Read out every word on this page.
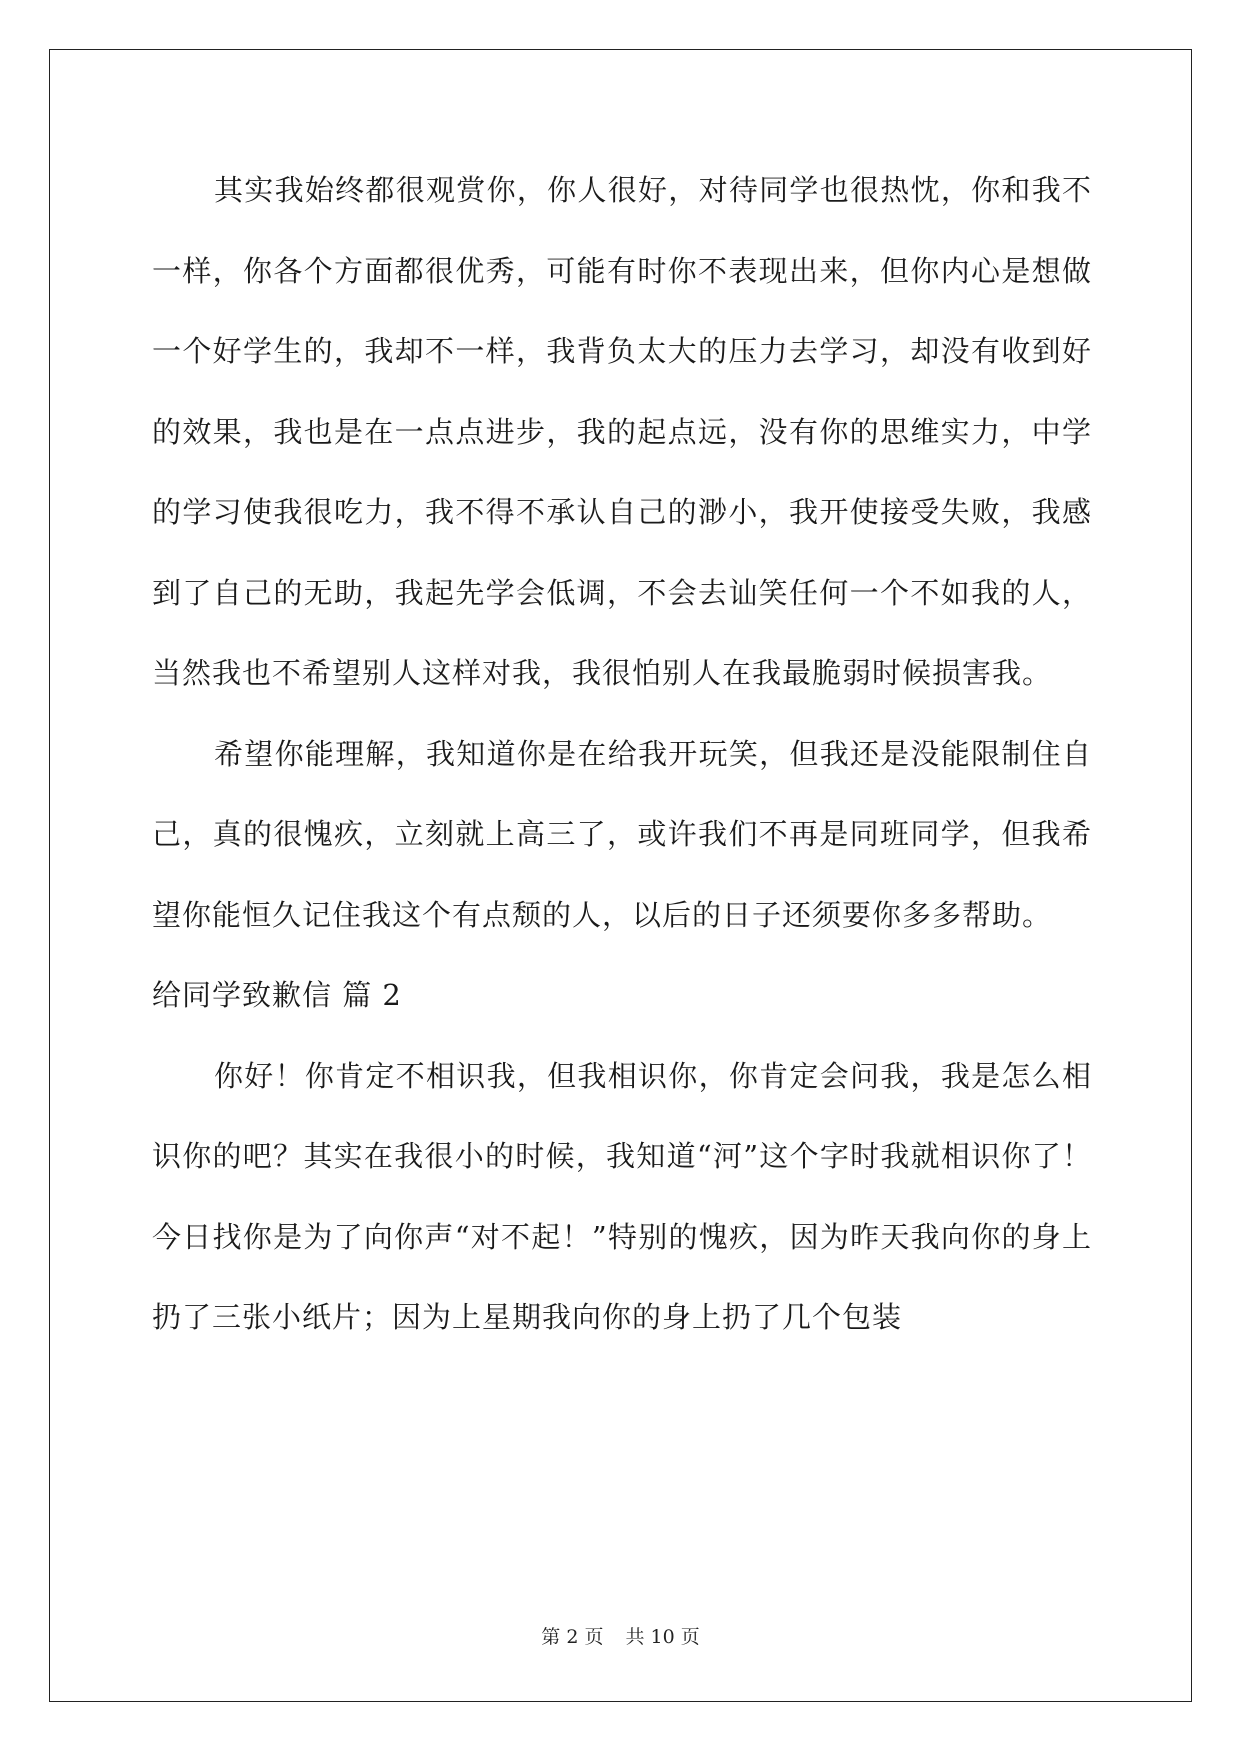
其实我始终都很观赏你，你人很好，对待同学也很热忱，你和我不一样，你各个方面都很优秀，可能有时你不表现出来，但你内心是想做一个好学生的，我却不一样，我背负太大的压力去学习，却没有收到好的效果，我也是在一点点进步，我的起点远，没有你的思维实力，中学的学习使我很吃力，我不得不承认自己的渺小，我开使接受失败，我感到了自己的无助，我起先学会低调，不会去讪笑任何一个不如我的人，当然我也不希望别人这样对我，我很怕别人在我最脆弱时候损害我。

希望你能理解，我知道你是在给我开玩笑，但我还是没能限制住自己，真的很愧疚，立刻就上高三了，或许我们不再是同班同学，但我希望你能恒久记住我这个有点颓的人，以后的日子还须要你多多帮助。

给同学致歉信 篇 2

你好！你肯定不相识我，但我相识你，你肯定会问我，我是怎么相识你的吧？其实在我很小的时候，我知道“河”这个字时我就相识你了！今日找你是为了向你声“对不起！”特别的愧疚，因为昨天我向你的身上扔了三张小纸片；因为上星期我向你的身上扔了几个包装

第 2 页 共 10 页
